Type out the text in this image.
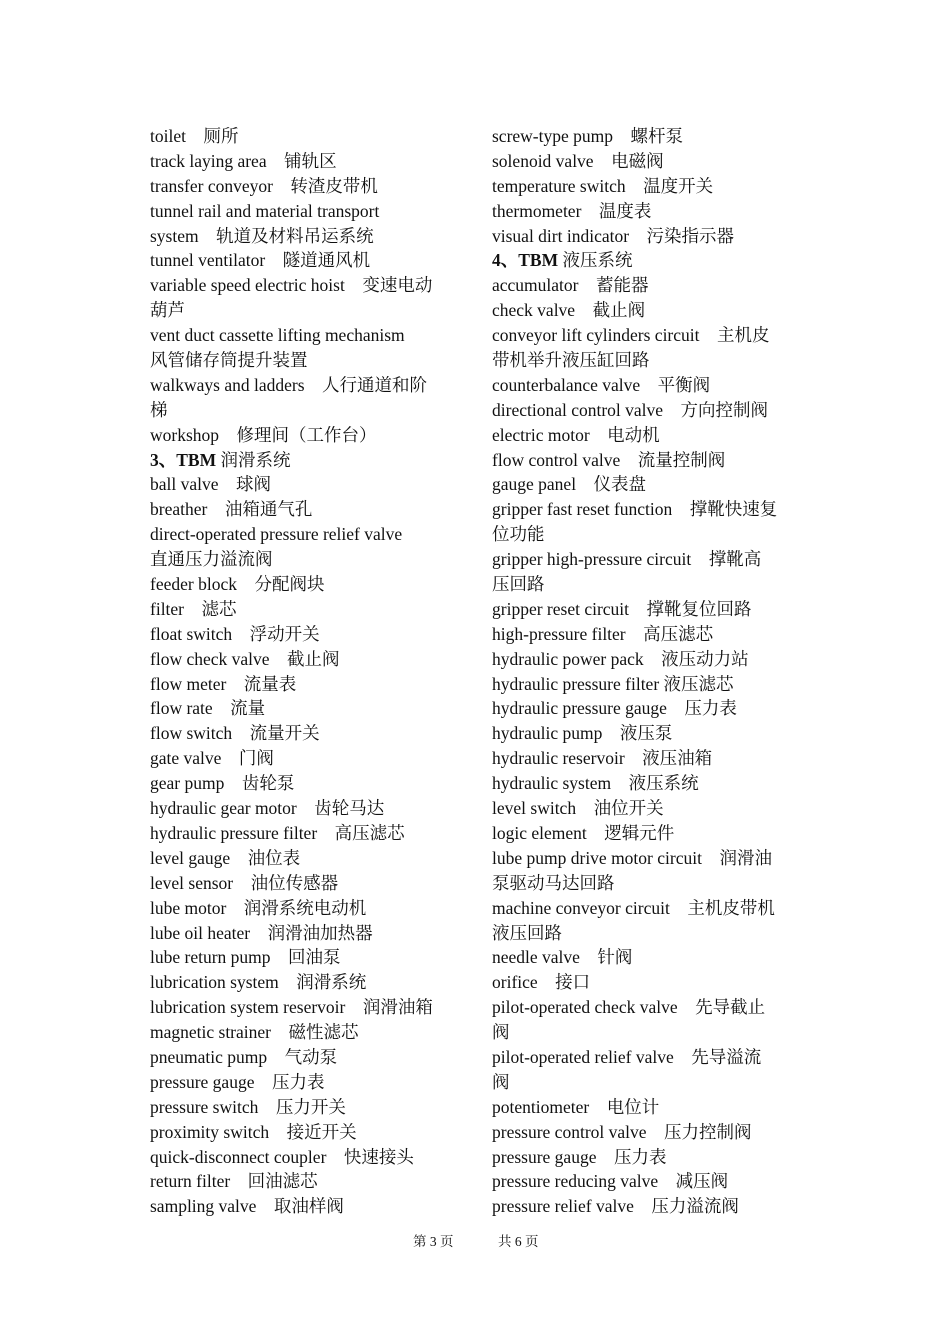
toilet　厕所
track laying area　铺轨区
transfer conveyor　转渣皮带机
tunnel rail and material transport
system　轨道及材料吊运系统
tunnel ventilator　隧道通风机
variable speed electric hoist　变速电动
葫芦
vent duct cassette lifting mechanism
风管储存筒提升装置
walkways and ladders　人行通道和阶
梯
workshop　修理间（工作台）
3、TBM 润滑系统
ball valve　球阀
breather　油箱通气孔
direct-operated pressure relief valve
直通压力溢流阀
feeder block　分配阀块
filter　滤芯
float switch　浮动开关
flow check valve　截止阀
flow meter　流量表
flow rate　流量
flow switch　流量开关
gate valve　门阀
gear pump　齿轮泵
hydraulic gear motor　齿轮马达
hydraulic pressure filter　高压滤芯
level gauge　油位表
level sensor　油位传感器
lube motor　润滑系统电动机
lube oil heater　润滑油加热器
lube return pump　回油泵
lubrication system　润滑系统
lubrication system reservoir　润滑油箱
magnetic strainer　磁性滤芯
pneumatic pump　气动泵
pressure gauge　压力表
pressure switch　压力开关
proximity switch　接近开关
quick-disconnect coupler　快速接头
return filter　回油滤芯
sampling valve　取油样阀
screw-type pump　螺杆泵
solenoid valve　电磁阀
temperature switch　温度开关
thermometer　温度表
visual dirt indicator　污染指示器
4、TBM 液压系统
accumulator　蓄能器
check valve　截止阀
conveyor lift cylinders circuit　主机皮
带机举升液压缸回路
counterbalance valve　平衡阀
directional control valve　方向控制阀
electric motor　电动机
flow control valve　流量控制阀
gauge panel　仪表盘
gripper fast reset function　撑靴快速复
位功能
gripper high-pressure circuit　撑靴高
压回路
gripper reset circuit　撑靴复位回路
high-pressure filter　高压滤芯
hydraulic power pack　液压动力站
hydraulic pressure filter 液压滤芯
hydraulic pressure gauge　压力表
hydraulic pump　液压泵
hydraulic reservoir　液压油箱
hydraulic system　液压系统
level switch　油位开关
logic element　逻辑元件
lube pump drive motor circuit　润滑油
泵驱动马达回路
machine conveyor circuit　主机皮带机
液压回路
needle valve　针阀
orifice　接口
pilot-operated check valve　先导截止
阀
pilot-operated relief valve　先导溢流
阀
potentiometer　电位计
pressure control valve　压力控制阀
pressure gauge　压力表
pressure reducing valve　减压阀
pressure relief valve　压力溢流阀
第 3 页	共 6 页
